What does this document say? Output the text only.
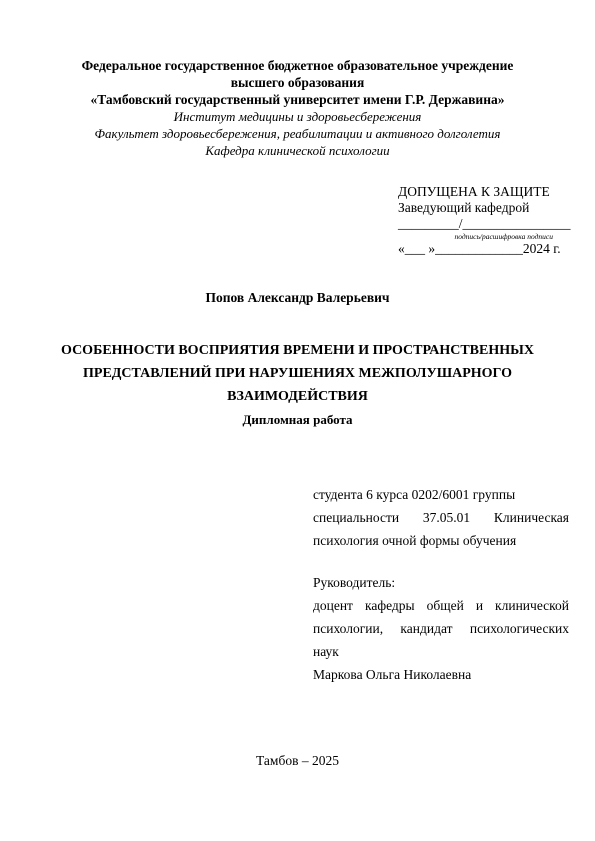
Федеральное государственное бюджетное образовательное учреждение
высшего образования
«Тамбовский государственный университет имени Г.Р. Державина»
Институт медицины и здоровьесбережения
Факультет здоровьесбережения, реабилитации и активного долголетия
Кафедра клинической психологии
ДОПУЩЕНА К ЗАЩИТЕ
Заведующий кафедрой
_________/________________
подпись/расшифровка подписи
«___ »_____________2024 г.
Попов Александр Валерьевич
ОСОБЕННОСТИ ВОСПРИЯТИЯ ВРЕМЕНИ И ПРОСТРАНСТВЕННЫХ
ПРЕДСТАВЛЕНИЙ ПРИ НАРУШЕНИЯХ МЕЖПОЛУШАРНОГО
ВЗАИМОДЕЙСТВИЯ
Дипломная работа
студента 6 курса 0202/6001 группы
специальности 37.05.01 Клиническая
психология очной формы обучения
Руководитель:
доцент кафедры общей и клинической
психологии, кандидат психологических
наук
Маркова Ольга Николаевна
Тамбов – 2025
